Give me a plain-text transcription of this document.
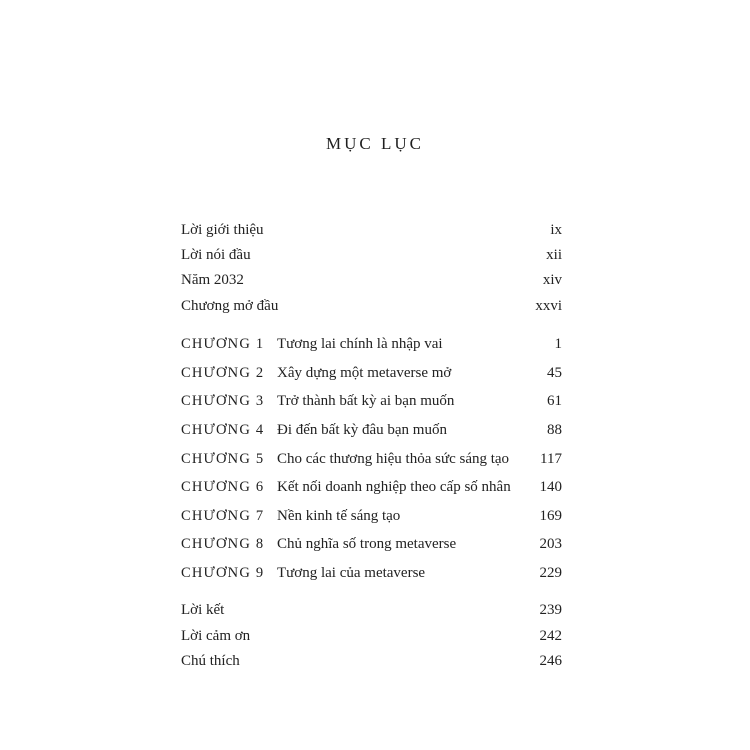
MỤC LỤC
Lời giới thiệu	ix
Lời nói đầu	xii
Năm 2032	xiv
Chương mở đầu	xxvi
CHƯƠNG 1 Tương lai chính là nhập vai	1
CHƯƠNG 2 Xây dựng một metaverse mở	45
CHƯƠNG 3 Trở thành bất kỳ ai bạn muốn	61
CHƯƠNG 4 Đi đến bất kỳ đâu bạn muốn	88
CHƯƠNG 5 Cho các thương hiệu thỏa sức sáng tạo 117
CHƯƠNG 6 Kết nối doanh nghiệp theo cấp số nhân 140
CHƯƠNG 7 Nền kinh tế sáng tạo	169
CHƯƠNG 8 Chủ nghĩa số trong metaverse	203
CHƯƠNG 9 Tương lai của metaverse	229
Lời kết	239
Lời cảm ơn	242
Chú thích	246
